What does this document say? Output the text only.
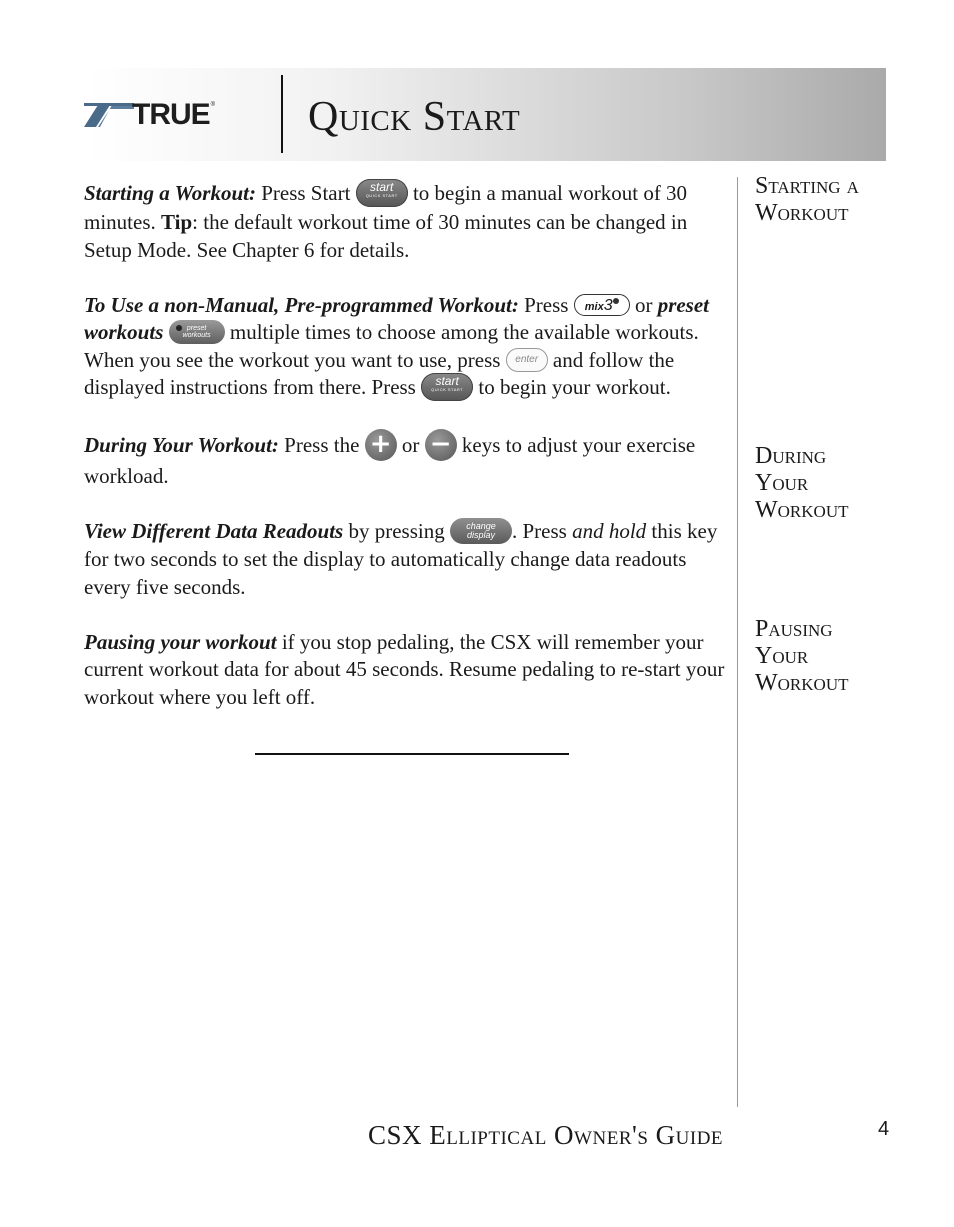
TRUE ® Quick Start

Starting a Workout: Press Start	start
QUICK START to begin a manual workout of 30 minutes. Tip: the default workout time of 30 minutes can be changed in Setup Mode. See Chapter 6 for details.

To Use a non-Manual, Pre-programmed Workout: Press mix3 or preset workouts	preset
workouts multiple times to choose among the available workouts. When you see the workout you want to use, press enter and follow the displayed instructions from there. Press	start
QUICK START to begin your workout.

During Your Workout: Press the + or − keys to adjust your exercise workload.

View Different Data Readouts by pressing	change
display . Press and hold this key for two seconds to set the display to automatically change data readouts every five seconds.

Pausing your workout if you stop pedaling, the CSX will remember your current workout data for about 45 seconds. Resume pedaling to re-start your workout where you left off.

Starting a
Workout
During
Your
Workout
Pausing
Your
Workout
CSX Elliptical Owner's Guide	4
